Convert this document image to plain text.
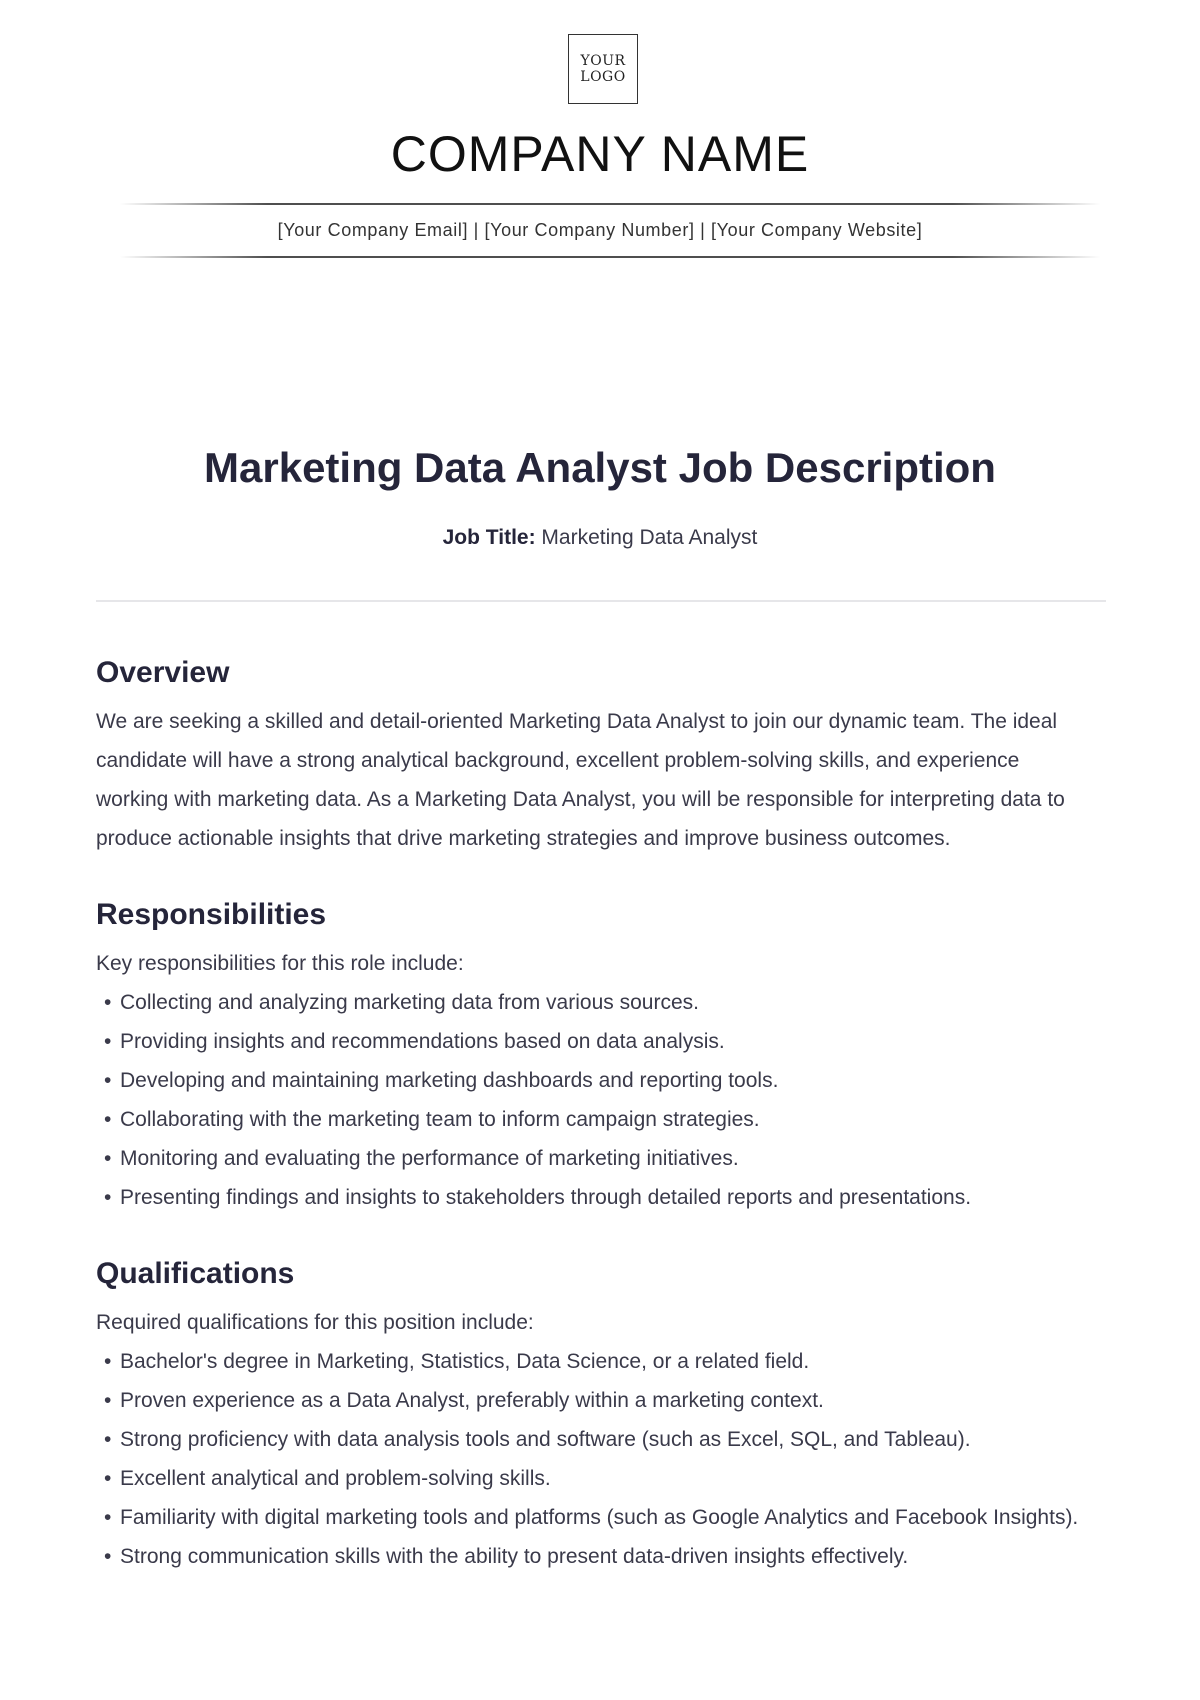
YOUR
LOGO
COMPANY NAME
[Your Company Email] | [Your Company Number] | [Your Company Website]
Marketing Data Analyst Job Description
Job Title: Marketing Data Analyst
Overview

We are seeking a skilled and detail-oriented Marketing Data Analyst to join our dynamic team. The ideal candidate will have a strong analytical background, excellent problem-solving skills, and experience working with marketing data. As a Marketing Data Analyst, you will be responsible for interpreting data to produce actionable insights that drive marketing strategies and improve business outcomes.

Responsibilities
Key responsibilities for this role include:
• Collecting and analyzing marketing data from various sources.
• Providing insights and recommendations based on data analysis.
• Developing and maintaining marketing dashboards and reporting tools.
• Collaborating with the marketing team to inform campaign strategies.
• Monitoring and evaluating the performance of marketing initiatives.
• Presenting findings and insights to stakeholders through detailed reports and presentations.
Qualifications
Required qualifications for this position include:
• Bachelor's degree in Marketing, Statistics, Data Science, or a related field.
• Proven experience as a Data Analyst, preferably within a marketing context.
• Strong proficiency with data analysis tools and software (such as Excel, SQL, and Tableau).
• Excellent analytical and problem-solving skills.
• Familiarity with digital marketing tools and platforms (such as Google Analytics and Facebook Insights).
• Strong communication skills with the ability to present data-driven insights effectively.
